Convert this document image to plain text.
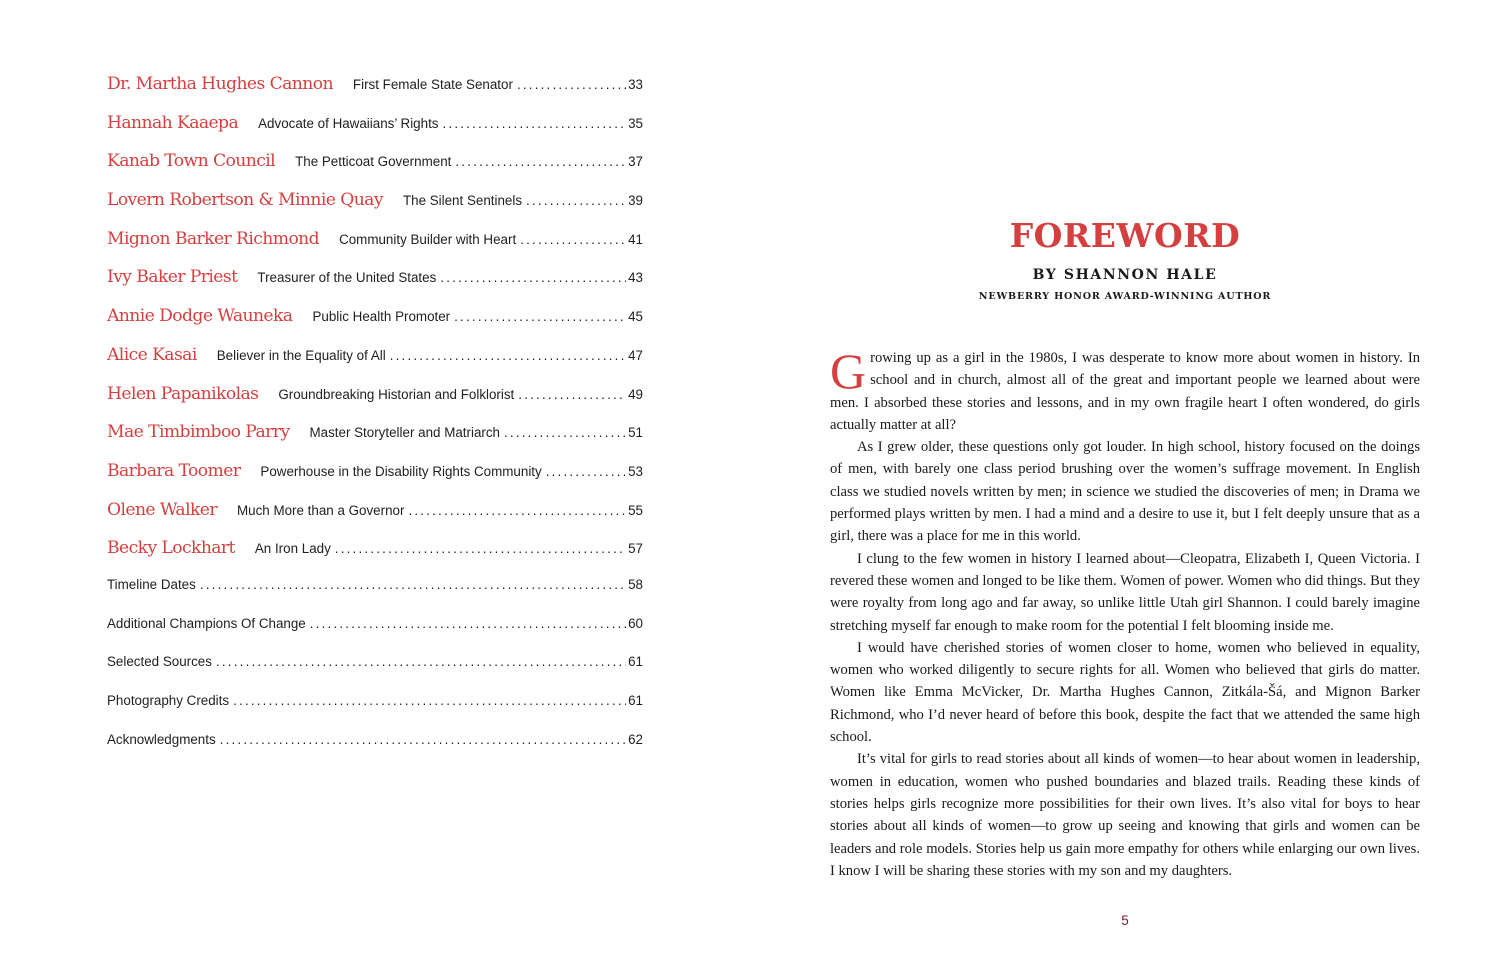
Dr. Martha Hughes Cannon First Female State Senator .....	33
Hannah Kaaepa Advocate of Hawaiians’ Rights .....	35
Kanab Town Council The Petticoat Government .....	37
Lovern Robertson & Minnie Quay The Silent Sentinels .....	39
Mignon Barker Richmond Community Builder with Heart .....	41
Ivy Baker Priest Treasurer of the United States .....	43
Annie Dodge Wauneka Public Health Promoter .....	45
Alice Kasai Believer in the Equality of All .....	47
Helen Papanikolas Groundbreaking Historian and Folklorist .....	49
Mae Timbimboo Parry Master Storyteller and Matriarch .....	51
Barbara Toomer Powerhouse in the Disability Rights Community .....	53
Olene Walker Much More than a Governor .....	55
Becky Lockhart An Iron Lady .....	57
Timeline Dates .....	58
Additional Champions Of Change .....	60
Selected Sources .....	61
Photography Credits .....	61
Acknowledgments .....	62
FOREWORD
BY SHANNON HALE
NEWBERRY HONOR AWARD-WINNING AUTHOR

Growing up as a girl in the 1980s, I was desperate to know more about women in history. In school and in church, almost all of the great and important people we learned about were men. I absorbed these stories and lessons, and in my own fragile heart I often wondered, do girls actually matter at all?

As I grew older, these questions only got louder. In high school, history focused on the doings of men, with barely one class period brushing over the women’s suffrage movement. In English class we studied novels written by men; in science we studied the discoveries of men; in Drama we performed plays written by men. I had a mind and a desire to use it, but I felt deeply unsure that as a girl, there was a place for me in this world.

I clung to the few women in history I learned about—Cleopatra, Elizabeth I, Queen Victoria. I revered these women and longed to be like them. Women of power. Women who did things. But they were royalty from long ago and far away, so unlike little Utah girl Shannon. I could barely imagine stretching myself far enough to make room for the potential I felt blooming inside me.

I would have cherished stories of women closer to home, women who believed in equality, women who worked diligently to secure rights for all. Women who believed that girls do matter. Women like Emma McVicker, Dr. Martha Hughes Cannon, Zitkála-Šá, and Mignon Barker Richmond, who I’d never heard of before this book, despite the fact that we attended the same high school.

It’s vital for girls to read stories about all kinds of women—to hear about women in leadership, women in education, women who pushed boundaries and blazed trails. Reading these kinds of stories helps girls recognize more possibilities for their own lives. It’s also vital for boys to hear stories about all kinds of women—to grow up seeing and knowing that girls and women can be leaders and role models. Stories help us gain more empathy for others while enlarging our own lives. I know I will be sharing these stories with my son and my daughters.

5
